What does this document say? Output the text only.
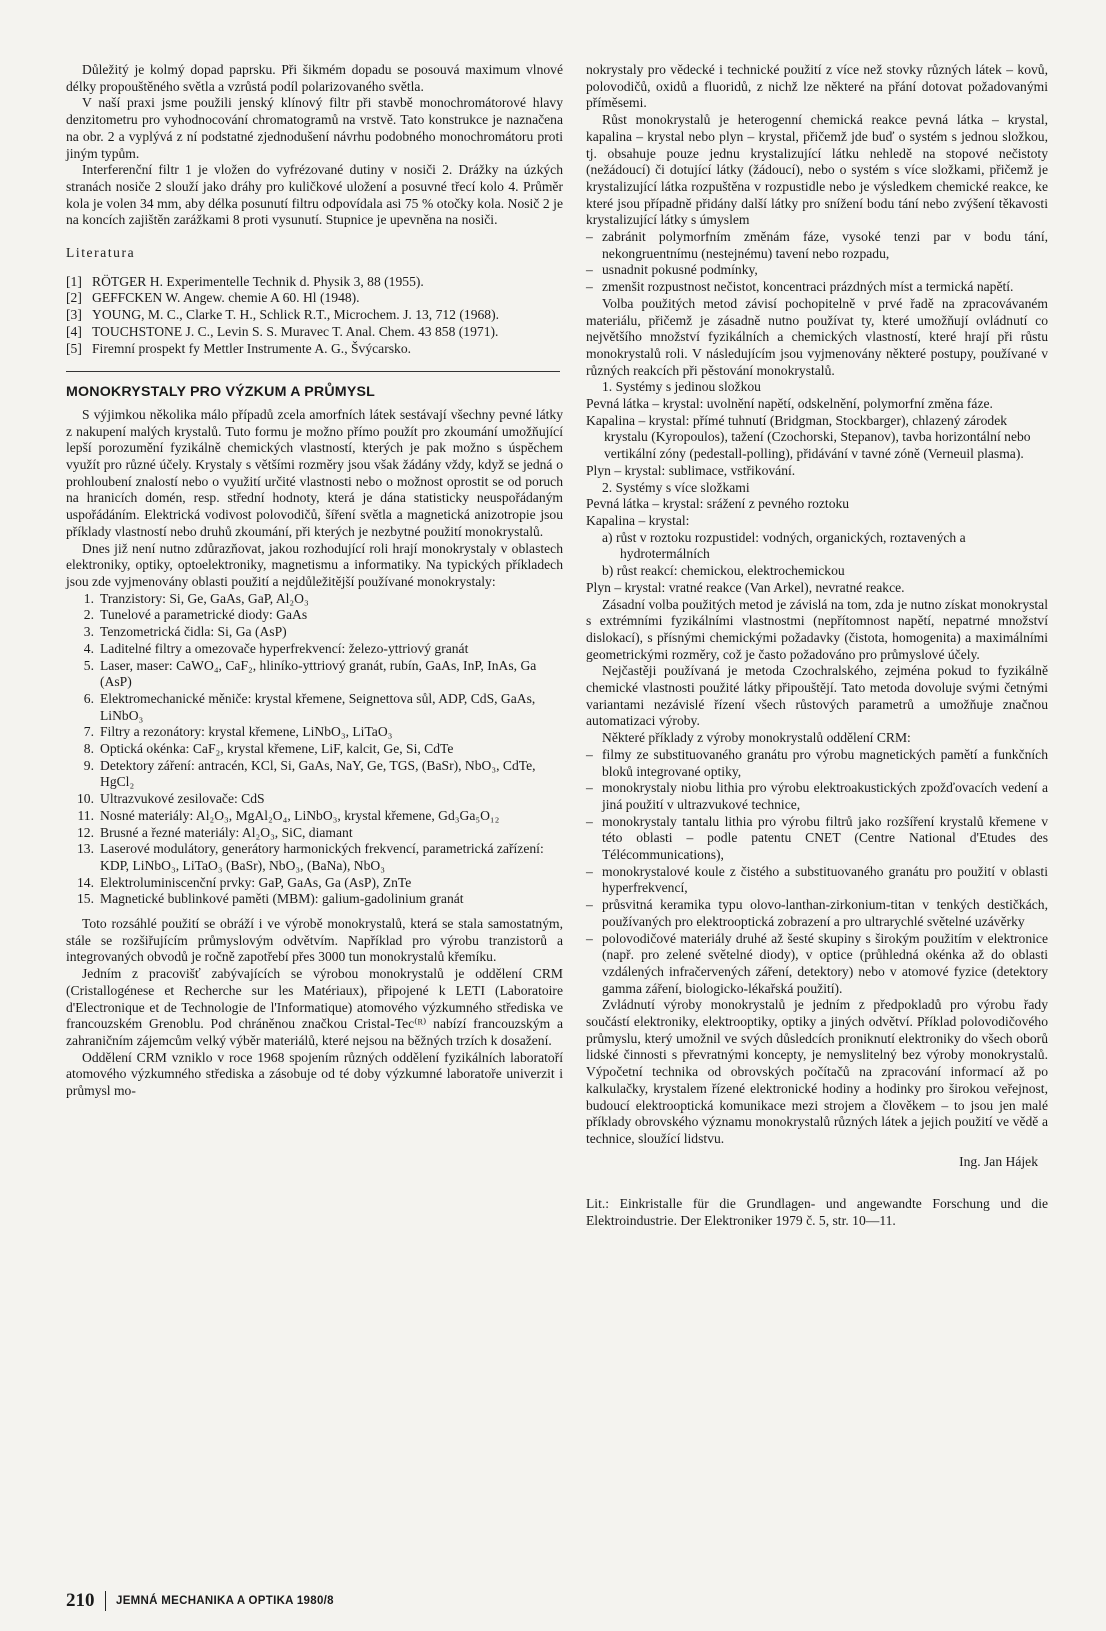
Důležitý je kolmý dopad paprsku. Při šikmém dopadu se posouvá maximum vlnové délky propouštěného světla a vzrůstá podíl polarizovaného světla.

V naší praxi jsme použili jenský klínový filtr při stavbě monochromátorové hlavy denzitometru pro vyhodnocování chromatogramů na vrstvě. Tato konstrukce je naznačena na obr. 2 a vyplývá z ní podstatné zjednodušení návrhu podobného monochromátoru proti jiným typům.

Interferenční filtr 1 je vložen do vyfrézované dutiny v nosiči 2. Drážky na úzkých stranách nosiče 2 slouží jako dráhy pro kuličkové uložení a posuvné třecí kolo 4. Průměr kola je volen 34 mm, aby délka posunutí filtru odpovídala asi 75 % otočky kola. Nosič 2 je na koncích zajištěn zarážkami 8 proti vysunutí. Stupnice je upevněna na nosiči.

Literatura
[1] RÖTGER H. Experimentelle Technik d. Physik 3, 88 (1955).
[2] GEFFCKEN W. Angew. chemie A 60. Hl (1948).
[3] YOUNG, M. C., Clarke T. H., Schlick R.T., Microchem. J. 13, 712 (1968).
[4] TOUCHSTONE J. C., Levin S. S. Muravec T. Anal. Chem. 43 858 (1971).
[5] Firemní prospekt fy Mettler Instrumente A. G., Švýcarsko.
MONOKRYSTALY PRO VÝZKUM A PRŮMYSL

S výjimkou několika málo případů zcela amorfních látek sestávají všechny pevné látky z nakupení malých krystalů. Tuto formu je možno přímo použít pro zkoumání umožňující lepší porozumění fyzikálně chemických vlastností, kterých je pak možno s úspěchem využít pro různé účely. Krystaly s většími rozměry jsou však žádány vždy, když se jedná o prohloubení znalostí nebo o využití určité vlastnosti nebo o možnost oprostit se od poruch na hranicích domén, resp. střední hodnoty, která je dána statisticky neuspořádaným uspořádáním. Elektrická vodivost polovodičů, šíření světla a magnetická anizotropie jsou příklady vlastností nebo druhů zkoumání, při kterých je nezbytné použití monokrystalů.

Dnes již není nutno zdůrazňovat, jakou rozhodující roli hrají monokrystaly v oblastech elektroniky, optiky, optoelektroniky, magnetismu a informatiky. Na typických příkladech jsou zde vyjmenovány oblasti použití a nejdůležitější používané monokrystaly:

1. Tranzistory: Si, Ge, GaAs, GaP, Al₂O₃
2. Tunelové a parametrické diody: GaAs
3. Tenzometrická čidla: Si, Ga (AsP)
4. Laditelné filtry a omezovače hyperfrekvencí: železo-yttriový granát
5. Laser, maser: CaWO₄, CaF₂, hliníko-yttriový granát, rubín, GaAs, InP, InAs, Ga (AsP)
6. Elektromechanické měniče: krystal křemene, Seignettova sůl, ADP, CdS, GaAs, LiNbO₃
7. Filtry a rezonátory: krystal křemene, LiNbO₃, LiTaO₃
8. Optická okénka: CaF₂, krystal křemene, LiF, kalcit, Ge, Si, CdTe
9. Detektory záření: antracén, KCl, Si, GaAs, NaY, Ge, TGS, (BaSr), NbO₃, CdTe, HgCl₂
10. Ultrazvukové zesilovače: CdS
11. Nosné materiály: Al₂O₃, MgAl₂O₄, LiNbO₃, krystal křemene, Gd₃Ga₅O₁₂
12. Brusné a řezné materiály: Al₂O₃, SiC, diamant
13. Laserové modulátory, generátory harmonických frekvencí, parametrická zařízení: KDP, LiNbO₃, LiTaO₃ (BaSr), NbO₃, (BaNa), NbO₃
14. Elektroluminiscenční prvky: GaP, GaAs, Ga (AsP), ZnTe
15. Magnetické bublinkové paměti (MBM): galium-gadolinium granát

Toto rozsáhlé použití se obráží i ve výrobě monokrystalů, která se stala samostatným, stále se rozšiřujícím průmyslovým odvětvím. Například pro výrobu tranzistorů a integrovaných obvodů je ročně zapotřebí přes 3000 tun monokrystalů křemíku.

Jedním z pracovišť zabývajících se výrobou monokrystalů je oddělení CRM (Cristallogénese et Recherche sur les Matériaux), připojené k LETI (Laboratoire d'Electronique et de Technologie de l'Informatique) atomového výzkumného střediska ve francouzském Grenoblu. Pod chráněnou značkou Cristal-Tec⁽ᴿ⁾ nabízí francouzským a zahraničním zájemcům velký výběr materiálů, které nejsou na běžných trzích k dosažení.

Oddělení CRM vzniklo v roce 1968 spojením různých oddělení fyzikálních laboratoří atomového výzkumného střediska a zásobuje od té doby výzkumné laboratoře univerzit i průmysl mo-

nokrystaly pro vědecké i technické použití z více než stovky různých látek – kovů, polovodičů, oxidů a fluoridů, z nichž lze některé na přání dotovat požadovanými příměsemi.

Růst monokrystalů je heterogenní chemická reakce pevná látka – krystal, kapalina – krystal nebo plyn – krystal, přičemž jde buď o systém s jednou složkou, tj. obsahuje pouze jednu krystalizující látku nehledě na stopové nečistoty (nežádoucí) či dotující látky (žádoucí), nebo o systém s více složkami, přičemž je krystalizující látka rozpuštěna v rozpustidle nebo je výsledkem chemické reakce, ke které jsou případně přidány další látky pro snížení bodu tání nebo zvýšení těkavosti krystalizující látky s úmyslem

– zabránit polymorfním změnám fáze, vysoké tenzi par v bodu tání, nekongruentnímu (nestejnému) tavení nebo rozpadu,
– usnadnit pokusné podmínky,
– zmenšit rozpustnost nečistot, koncentraci prázdných míst a termická napětí.

Volba použitých metod závisí pochopitelně v prvé řadě na zpracovávaném materiálu, přičemž je zásadně nutno používat ty, které umožňují ovládnutí co největšího množství fyzikálních a chemických vlastností, které hrají při růstu monokrystalů roli. V následujícím jsou vyjmenovány některé postupy, používané v různých reakcích při pěstování monokrystalů.

1. Systémy s jedinou složkou

Pevná látka – krystal: uvolnění napětí, odskelnění, polymorfní změna fáze.

Kapalina – krystal: přímé tuhnutí (Bridgman, Stockbarger), chlazený zárodek krystalu (Kyropoulos), tažení (Czochorski, Stepanov), tavba horizontální nebo vertikální zóny (pedestall-polling), přidávání v tavné zóně (Verneuil plasma).

Plyn – krystal: sublimace, vstřikování.

2. Systémy s více složkami

Pevná látka – krystal: srážení z pevného roztoku

Kapalina – krystal:

a) růst v roztoku rozpustidel: vodných, organických, roztavených a hydrotermálních

b) růst reakcí: chemickou, elektrochemickou

Plyn – krystal: vratné reakce (Van Arkel), nevratné reakce.

Zásadní volba použitých metod je závislá na tom, zda je nutno získat monokrystal s extrémními fyzikálními vlastnostmi (nepřítomnost napětí, nepatrné množství dislokací), s přísnými chemickými požadavky (čistota, homogenita) a maximálními geometrickými rozměry, což je často požadováno pro průmyslové účely.

Nejčastěji používaná je metoda Czochralského, zejména pokud to fyzikálně chemické vlastnosti použité látky připouštějí. Tato metoda dovoluje svými četnými variantami nezávislé řízení všech růstových parametrů a umožňuje značnou automatizaci výroby.

Některé příklady z výroby monokrystalů oddělení CRM:

– filmy ze substituovaného granátu pro výrobu magnetických pamětí a funkčních bloků integrované optiky,
– monokrystaly niobu lithia pro výrobu elektroakustických zpožďovacích vedení a jiná použití v ultrazvukové technice,
– monokrystaly tantalu lithia pro výrobu filtrů jako rozšíření krystalů křemene v této oblasti – podle patentu CNET (Centre National d'Etudes des Télécommunications),
– monokrystalové koule z čistého a substituovaného granátu pro použití v oblasti hyperfrekvencí,
– průsvitná keramika typu olovo-lanthan-zirkonium-titan v tenkých destičkách, používaných pro elektrooptická zobrazení a pro ultrarychlé světelné uzávěrky
– polovodičové materiály druhé až šesté skupiny s širokým použitím v elektronice (např. pro zelené světelné diody), v optice (průhledná okénka až do oblasti vzdálených infračervených záření, detektory) nebo v atomové fyzice (detektory gamma záření, biologicko-lékařská použití).

Zvládnutí výroby monokrystalů je jedním z předpokladů pro výrobu řady součástí elektroniky, elektrooptiky, optiky a jiných odvětví. Příklad polovodičového průmyslu, který umožnil ve svých důsledcích proniknutí elektroniky do všech oborů lidské činnosti s převratnými koncepty, je nemyslitelný bez výroby monokrystalů. Výpočetní technika od obrovských počítačů na zpracování informací až po kalkulačky, krystalem řízené elektronické hodiny a hodinky pro širokou veřejnost, budoucí elektrooptická komunikace mezi strojem a člověkem – to jsou jen malé příklady obrovského významu monokrystalů různých látek a jejich použití ve vědě a technice, sloužící lidstvu.

Ing. Jan Hájek

Lit.: Einkristalle für die Grundlagen- und angewandte Forschung und die Elektroindustrie. Der Elektroniker 1979 č. 5, str. 10—11.

210 JEMNÁ MECHANIKA A OPTIKA 1980/8
